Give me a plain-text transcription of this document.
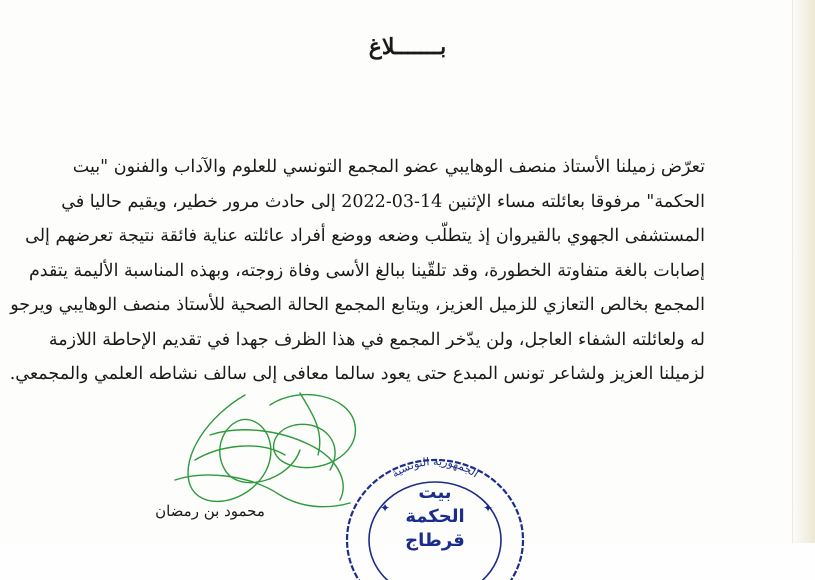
بـــــــلاغ
تعرّض زميلنا الأستاذ منصف الوهايبي عضو المجمع التونسي للعلوم والآداب والفنون "بيت
الحكمة" مرفوقا بعائلته مساء الإثنين 14-03-2022 إلى حادث مرور خطير، ويقيم حاليا في
المستشفى الجهوي بالقيروان إذ يتطلّب وضعه ووضع أفراد عائلته عناية فائقة نتيجة تعرضهم إلى
إصابات بالغة متفاوتة الخطورة، وقد تلقّينا ببالغ الأسى وفاة زوجته، وبهذه المناسبة الأليمة يتقدم
المجمع بخالص التعازي للزميل العزيز، ويتابع المجمع الحالة الصحية للأستاذ منصف الوهايبي ويرجو
له ولعائلته الشفاء العاجل، ولن يدّخر المجمع في هذا الظرف جهدا في تقديم الإحاطة اللازمة
لزميلنا العزيز ولشاعر تونس المبدع حتى يعود سالما معافى إلى سالف نشاطه العلمي والمجمعي.
محمود بن رمضان
الجمهورية التونسية
بيت
الحكمة
قرطاج
✦	✦
